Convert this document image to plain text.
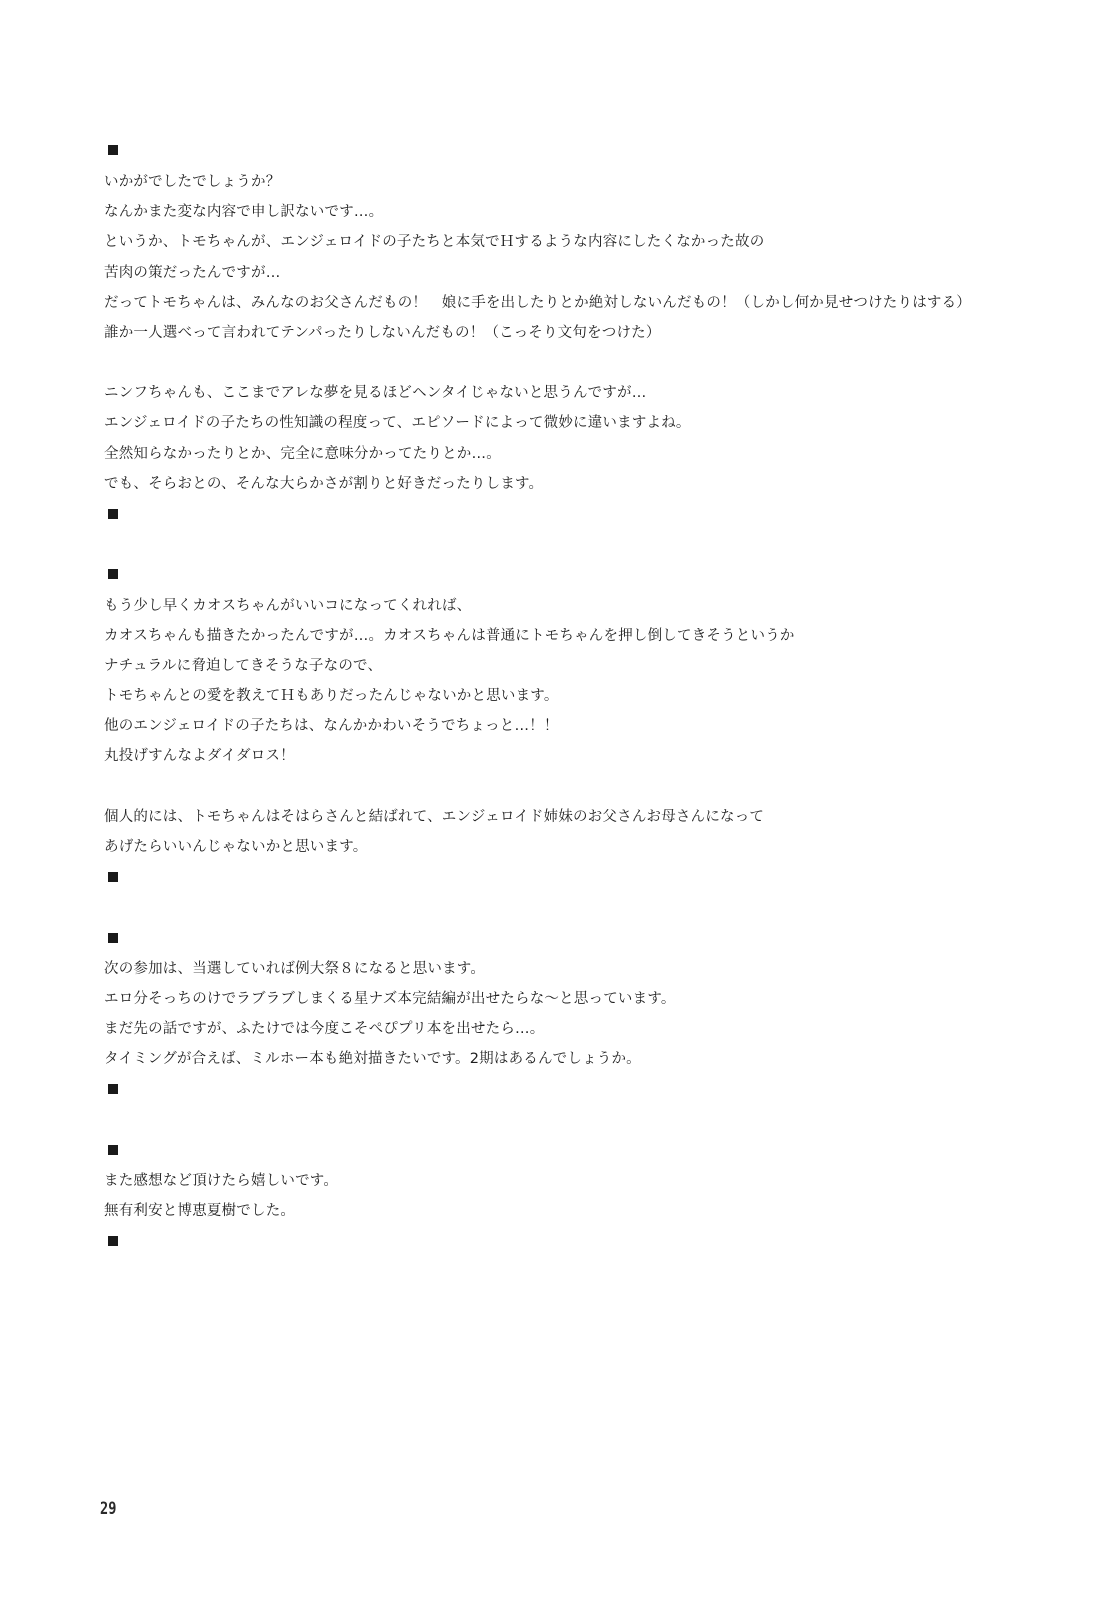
いかがでしたでしょうか？
なんかまた変な内容で申し訳ないです…。
というか、トモちゃんが、エンジェロイドの子たちと本気でＨするような内容にしたくなかった故の
苦肉の策だったんですが…
だってトモちゃんは、みんなのお父さんだもの！　娘に手を出したりとか絶対しないんだもの！（しかし何か見せつけたりはする）
誰か一人選べって言われてテンパったりしないんだもの！（こっそり文句をつけた）
ニンフちゃんも、ここまでアレな夢を見るほどヘンタイじゃないと思うんですが…
エンジェロイドの子たちの性知識の程度って、エピソードによって微妙に違いますよね。
全然知らなかったりとか、完全に意味分かってたりとか…。
でも、そらおとの、そんな大らかさが割りと好きだったりします。
もう少し早くカオスちゃんがいいコになってくれれば、
カオスちゃんも描きたかったんですが…。カオスちゃんは普通にトモちゃんを押し倒してきそうというか
ナチュラルに脅迫してきそうな子なので、
トモちゃんとの愛を教えてＨもありだったんじゃないかと思います。
他のエンジェロイドの子たちは、なんかかわいそうでちょっと…！！
丸投げすんなよダイダロス！
個人的には、トモちゃんはそはらさんと結ばれて、エンジェロイド姉妹のお父さんお母さんになって
あげたらいいんじゃないかと思います。
次の参加は、当選していれば例大祭８になると思います。
エロ分そっちのけでラブラブしまくる星ナズ本完結編が出せたらな～と思っています。
まだ先の話ですが、ふたけでは今度こそぺぴプリ本を出せたら…。
タイミングが合えば、ミルホー本も絶対描きたいです。2期はあるんでしょうか。
また感想など頂けたら嬉しいです。
無有利安と博恵夏樹でした。
29
